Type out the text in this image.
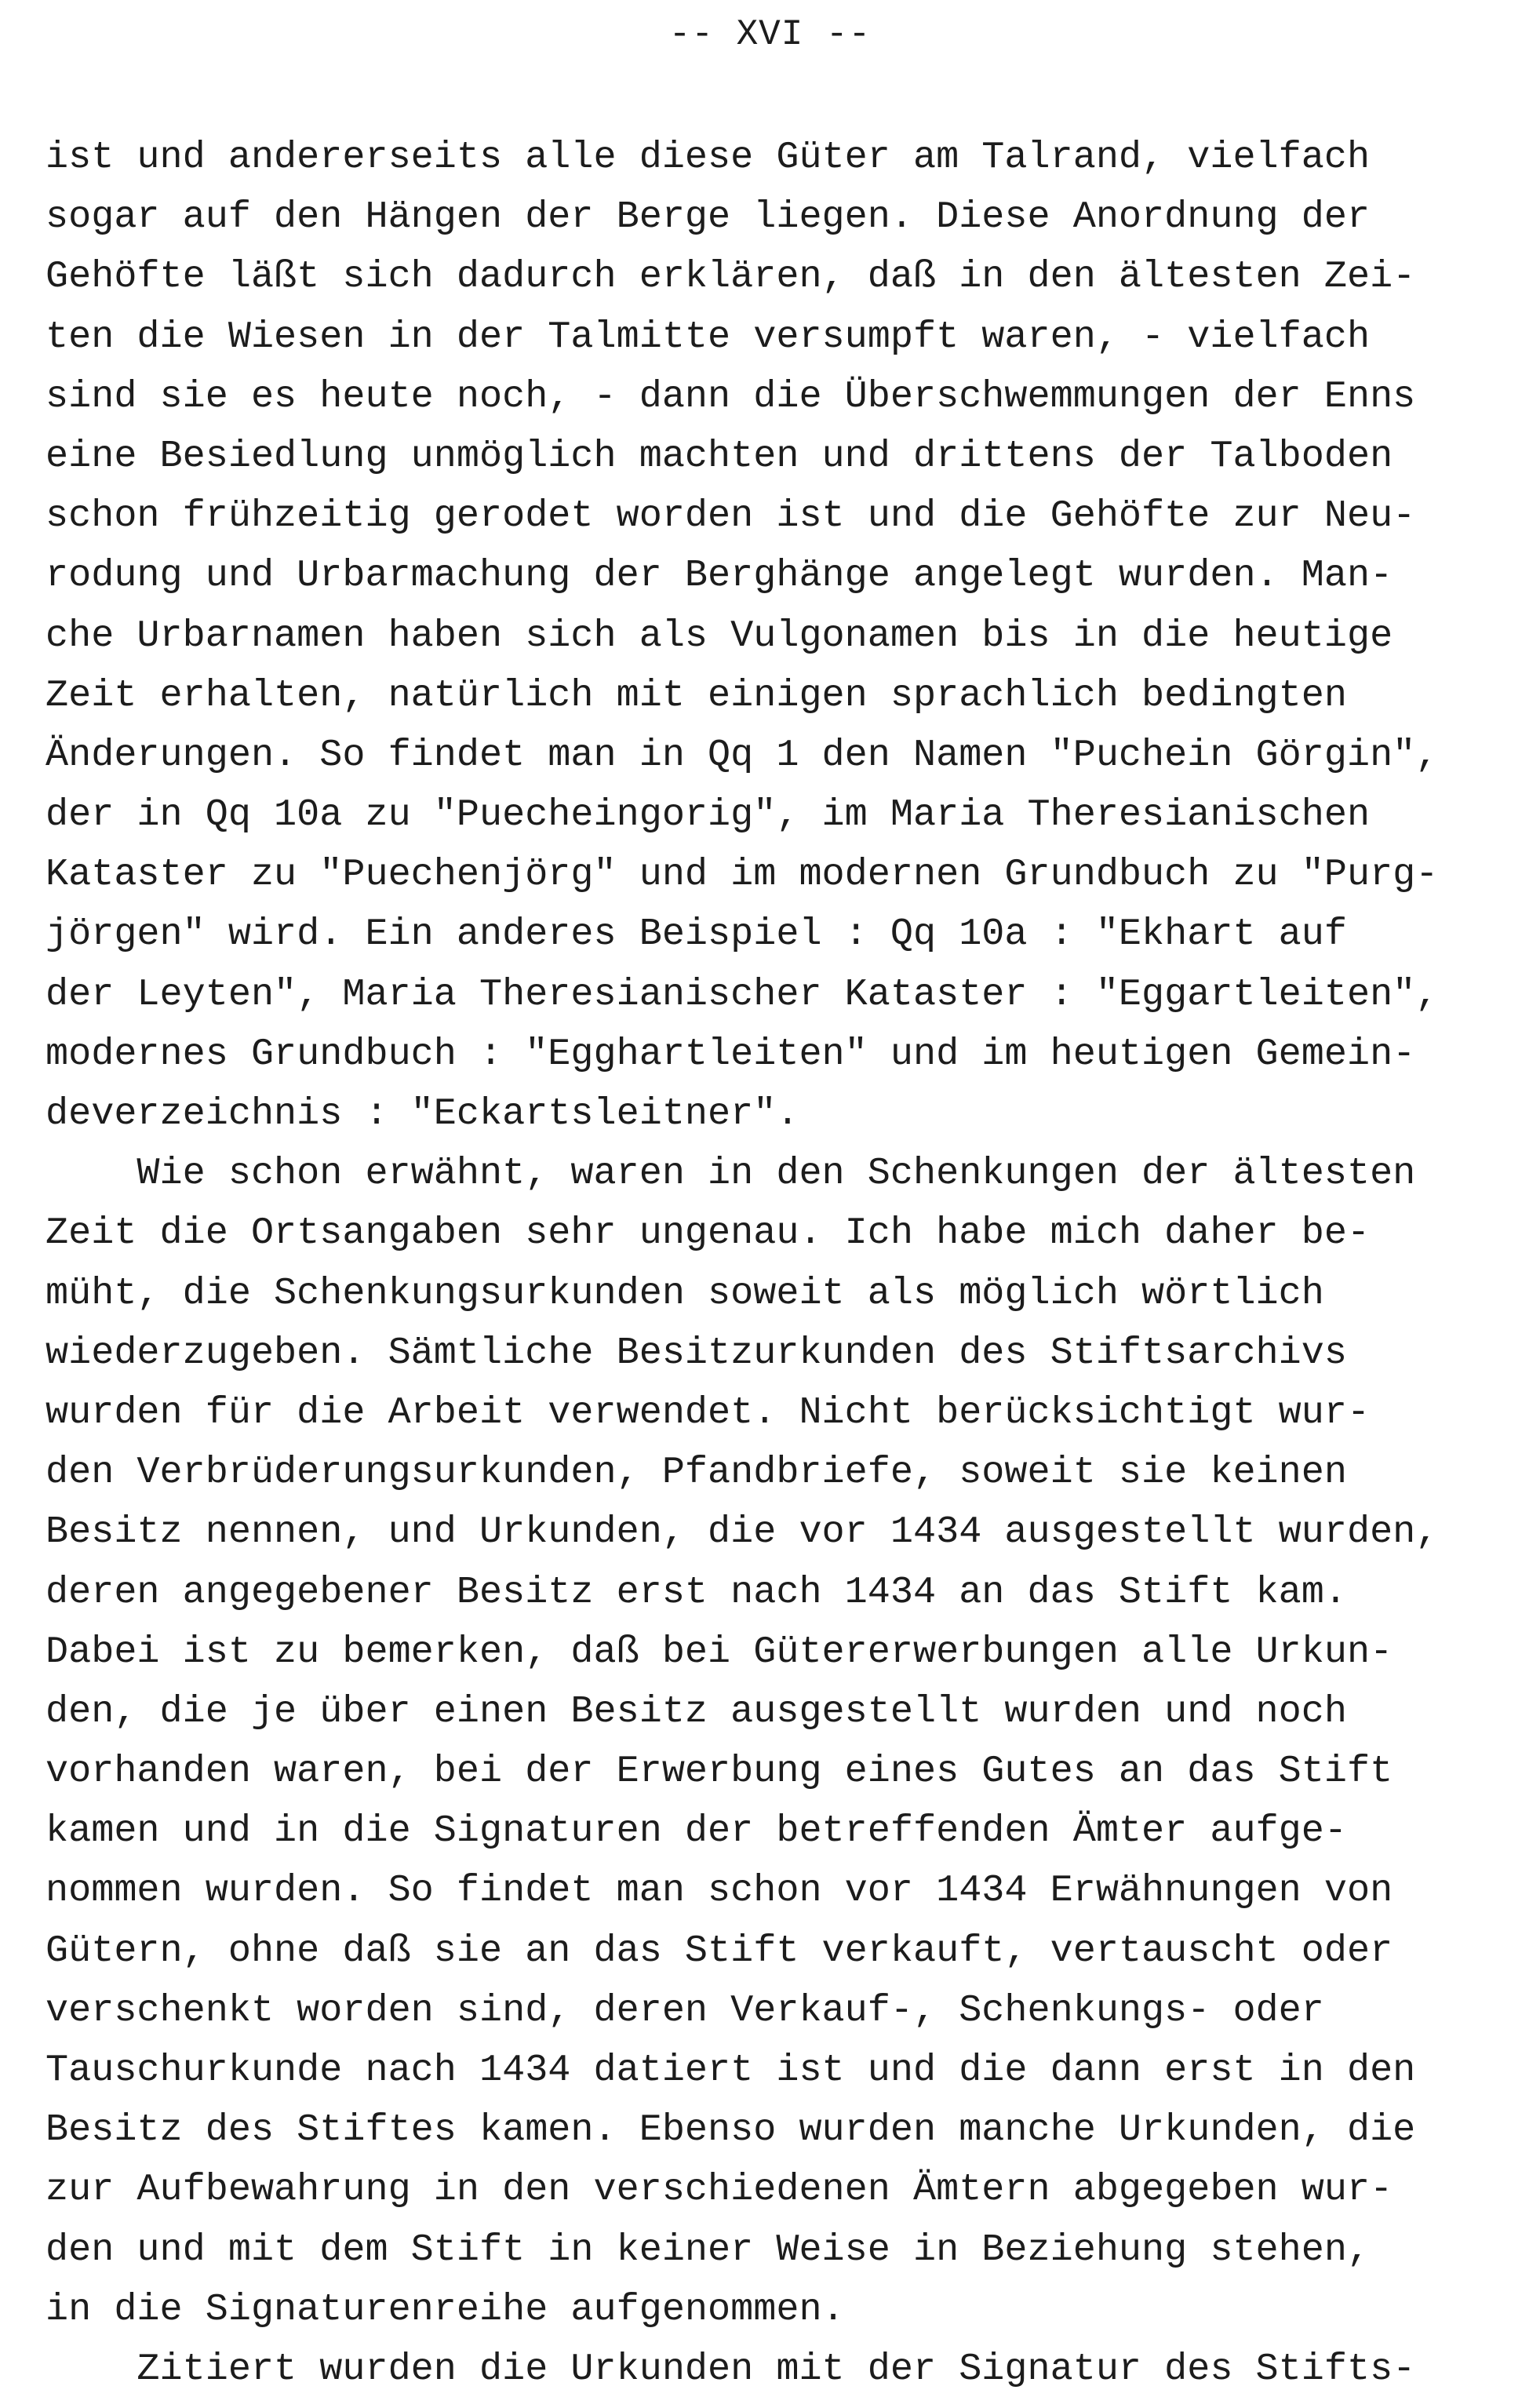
-- XVI --
ist und andererseits alle diese Güter am Talrand, vielfach
sogar auf den Hängen der Berge liegen. Diese Anordnung der
Gehöfte läßt sich dadurch erklären, daß in den ältesten Zei-
ten die Wiesen in der Talmitte versumpft waren, - vielfach
sind sie es heute noch, - dann die Überschwemmungen der Enns
eine Besiedlung unmöglich machten und drittens der Talboden
schon frühzeitig gerodet worden ist und die Gehöfte zur Neu-
rodung und Urbarmachung der Berghänge angelegt wurden. Man-
che Urbarnamen haben sich als Vulgonamen bis in die heutige
Zeit erhalten, natürlich mit einigen sprachlich bedingten
Änderungen. So findet man in Qq 1 den Namen "Puchein Görgin",
der in Qq 10a zu "Puecheingorig", im Maria Theresianischen
Kataster zu "Puechenjörg" und im modernen Grundbuch zu "Purg-
jörgen" wird. Ein anderes Beispiel : Qq 10a : "Ekhart auf
der Leyten", Maria Theresianischer Kataster : "Eggartleiten",
modernes Grundbuch : "Egghartleiten" und im heutigen Gemein-
deverzeichnis : "Eckartsleitner".
Wie schon erwähnt, waren in den Schenkungen der ältesten
Zeit die Ortsangaben sehr ungenau. Ich habe mich daher be-
müht, die Schenkungsurkunden soweit als möglich wörtlich
wiederzugeben. Sämtliche Besitzurkunden des Stiftsarchivs
wurden für die Arbeit verwendet. Nicht berücksichtigt wur-
den Verbrüderungsurkunden, Pfandbriefe, soweit sie keinen
Besitz nennen, und Urkunden, die vor 1434 ausgestellt wurden,
deren angegebener Besitz erst nach 1434 an das Stift kam.
Dabei ist zu bemerken, daß bei Gütererwerbungen alle Urkun-
den, die je über einen Besitz ausgestellt wurden und noch
vorhanden waren, bei der Erwerbung eines Gutes an das Stift
kamen und in die Signaturen der betreffenden Ämter aufge-
nommen wurden. So findet man schon vor 1434 Erwähnungen von
Gütern, ohne daß sie an das Stift verkauft, vertauscht oder
verschenkt worden sind, deren Verkauf-, Schenkungs- oder
Tauschurkunde nach 1434 datiert ist und die dann erst in den
Besitz des Stiftes kamen. Ebenso wurden manche Urkunden, die
zur Aufbewahrung in den verschiedenen Ämtern abgegeben wur-
den und mit dem Stift in keiner Weise in Beziehung stehen,
in die Signaturenreihe aufgenommen.
Zitiert wurden die Urkunden mit der Signatur des Stifts-
